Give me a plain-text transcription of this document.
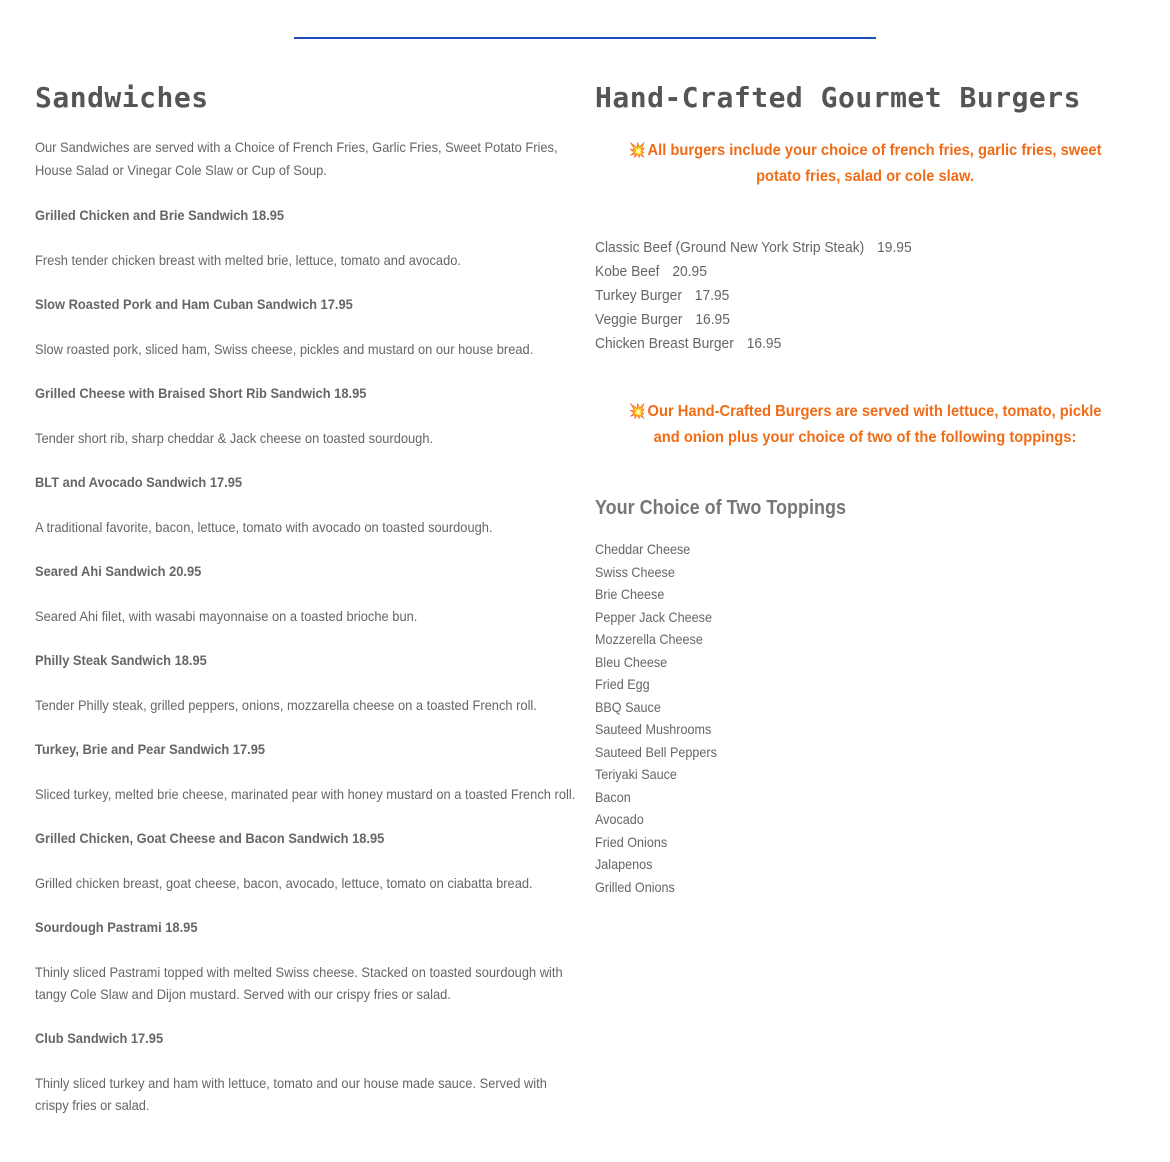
Sandwiches
Our Sandwiches are served with a Choice of French Fries, Garlic Fries, Sweet Potato Fries, House Salad or Vinegar Cole Slaw or Cup of Soup.
Grilled Chicken and Brie Sandwich 18.95
Fresh tender chicken breast with melted brie, lettuce, tomato and avocado.
Slow Roasted Pork and Ham Cuban Sandwich 17.95
Slow roasted pork, sliced ham, Swiss cheese, pickles and mustard on our house bread.
Grilled Cheese with Braised Short Rib Sandwich 18.95
Tender short rib, sharp cheddar & Jack cheese on toasted sourdough.
BLT and Avocado Sandwich 17.95
A traditional favorite, bacon, lettuce, tomato with avocado on toasted sourdough.
Seared Ahi Sandwich 20.95
Seared Ahi filet, with wasabi mayonnaise on a toasted brioche bun.
Philly Steak Sandwich 18.95
Tender Philly steak, grilled peppers, onions, mozzarella cheese on a toasted French roll.
Turkey, Brie and Pear Sandwich 17.95
Sliced turkey, melted brie cheese, marinated pear with honey mustard on a toasted French roll.
Grilled Chicken, Goat Cheese and Bacon Sandwich 18.95
Grilled chicken breast, goat cheese, bacon, avocado, lettuce, tomato on ciabatta bread.
Sourdough Pastrami 18.95
Thinly sliced Pastrami topped with melted Swiss cheese. Stacked on toasted sourdough with tangy Cole Slaw and Dijon mustard. Served with our crispy fries or salad.
Club Sandwich 17.95
Thinly sliced turkey and ham with lettuce, tomato and our house made sauce. Served with crispy fries or salad.
Hand-Crafted Gourmet Burgers
💥 All burgers include your choice of french fries, garlic fries, sweet potato fries, salad or cole slaw.
Classic Beef (Ground New York Strip Steak) 19.95
Kobe Beef 20.95
Turkey Burger 17.95
Veggie Burger 16.95
Chicken Breast Burger 16.95
💥 Our Hand-Crafted Burgers are served with lettuce, tomato, pickle and onion plus your choice of two of the following toppings:
Your Choice of Two Toppings
Cheddar Cheese
Swiss Cheese
Brie Cheese
Pepper Jack Cheese
Mozzerella Cheese
Bleu Cheese
Fried Egg
BBQ Sauce
Sauteed Mushrooms
Sauteed Bell Peppers
Teriyaki Sauce
Bacon
Avocado
Fried Onions
Jalapenos
Grilled Onions
